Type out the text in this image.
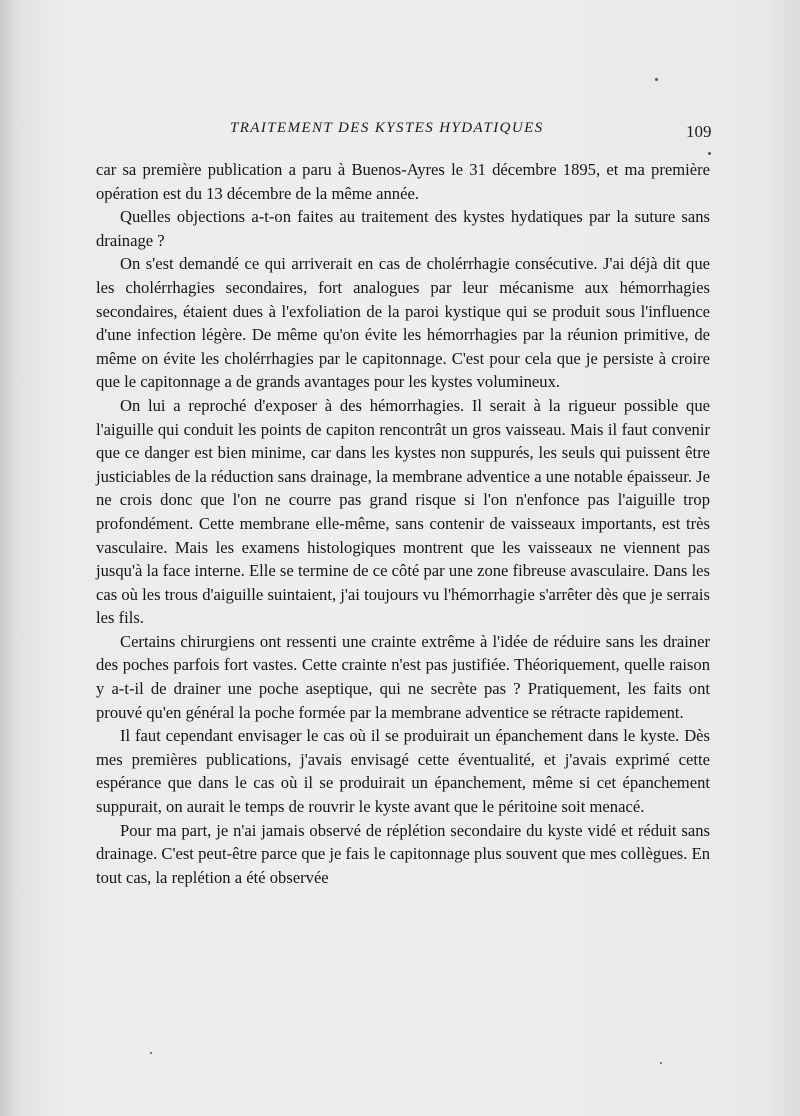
TRAITEMENT DES KYSTES HYDATIQUES	109

car sa première publication a paru à Buenos-Ayres le 31 décembre 1895, et ma première opération est du 13 décembre de la même année.

Quelles objections a-t-on faites au traitement des kystes hydatiques par la suture sans drainage ?

On s'est demandé ce qui arriverait en cas de cholérrhagie consécutive. J'ai déjà dit que les cholérrhagies secondaires, fort analogues par leur mécanisme aux hémorrhagies secondaires, étaient dues à l'exfoliation de la paroi kystique qui se produit sous l'influence d'une infection légère. De même qu'on évite les hémorrhagies par la réunion primitive, de même on évite les cholérrhagies par le capitonnage. C'est pour cela que je persiste à croire que le capitonnage a de grands avantages pour les kystes volumineux.

On lui a reproché d'exposer à des hémorrhagies. Il serait à la rigueur possible que l'aiguille qui conduit les points de capiton rencontrât un gros vaisseau. Mais il faut convenir que ce danger est bien minime, car dans les kystes non suppurés, les seuls qui puissent être justiciables de la réduction sans drainage, la membrane adventice a une notable épaisseur. Je ne crois donc que l'on ne courre pas grand risque si l'on n'enfonce pas l'aiguille trop profondément. Cette membrane elle-même, sans contenir de vaisseaux importants, est très vasculaire. Mais les examens histologiques montrent que les vaisseaux ne viennent pas jusqu'à la face interne. Elle se termine de ce côté par une zone fibreuse avasculaire. Dans les cas où les trous d'aiguille suintaient, j'ai toujours vu l'hémorrhagie s'arrêter dès que je serrais les fils.

Certains chirurgiens ont ressenti une crainte extrême à l'idée de réduire sans les drainer des poches parfois fort vastes. Cette crainte n'est pas justifiée. Théoriquement, quelle raison y a-t-il de drainer une poche aseptique, qui ne secrète pas ? Pratiquement, les faits ont prouvé qu'en général la poche formée par la membrane adventice se rétracte rapidement.

Il faut cependant envisager le cas où il se produirait un épanchement dans le kyste. Dès mes premières publications, j'avais envisagé cette éventualité, et j'avais exprimé cette espérance que dans le cas où il se produirait un épanchement, même si cet épanchement suppurait, on aurait le temps de rouvrir le kyste avant que le péritoine soit menacé.

Pour ma part, je n'ai jamais observé de réplétion secondaire du kyste vidé et réduit sans drainage. C'est peut-être parce que je fais le capitonnage plus souvent que mes collègues. En tout cas, la replétion a été observée
